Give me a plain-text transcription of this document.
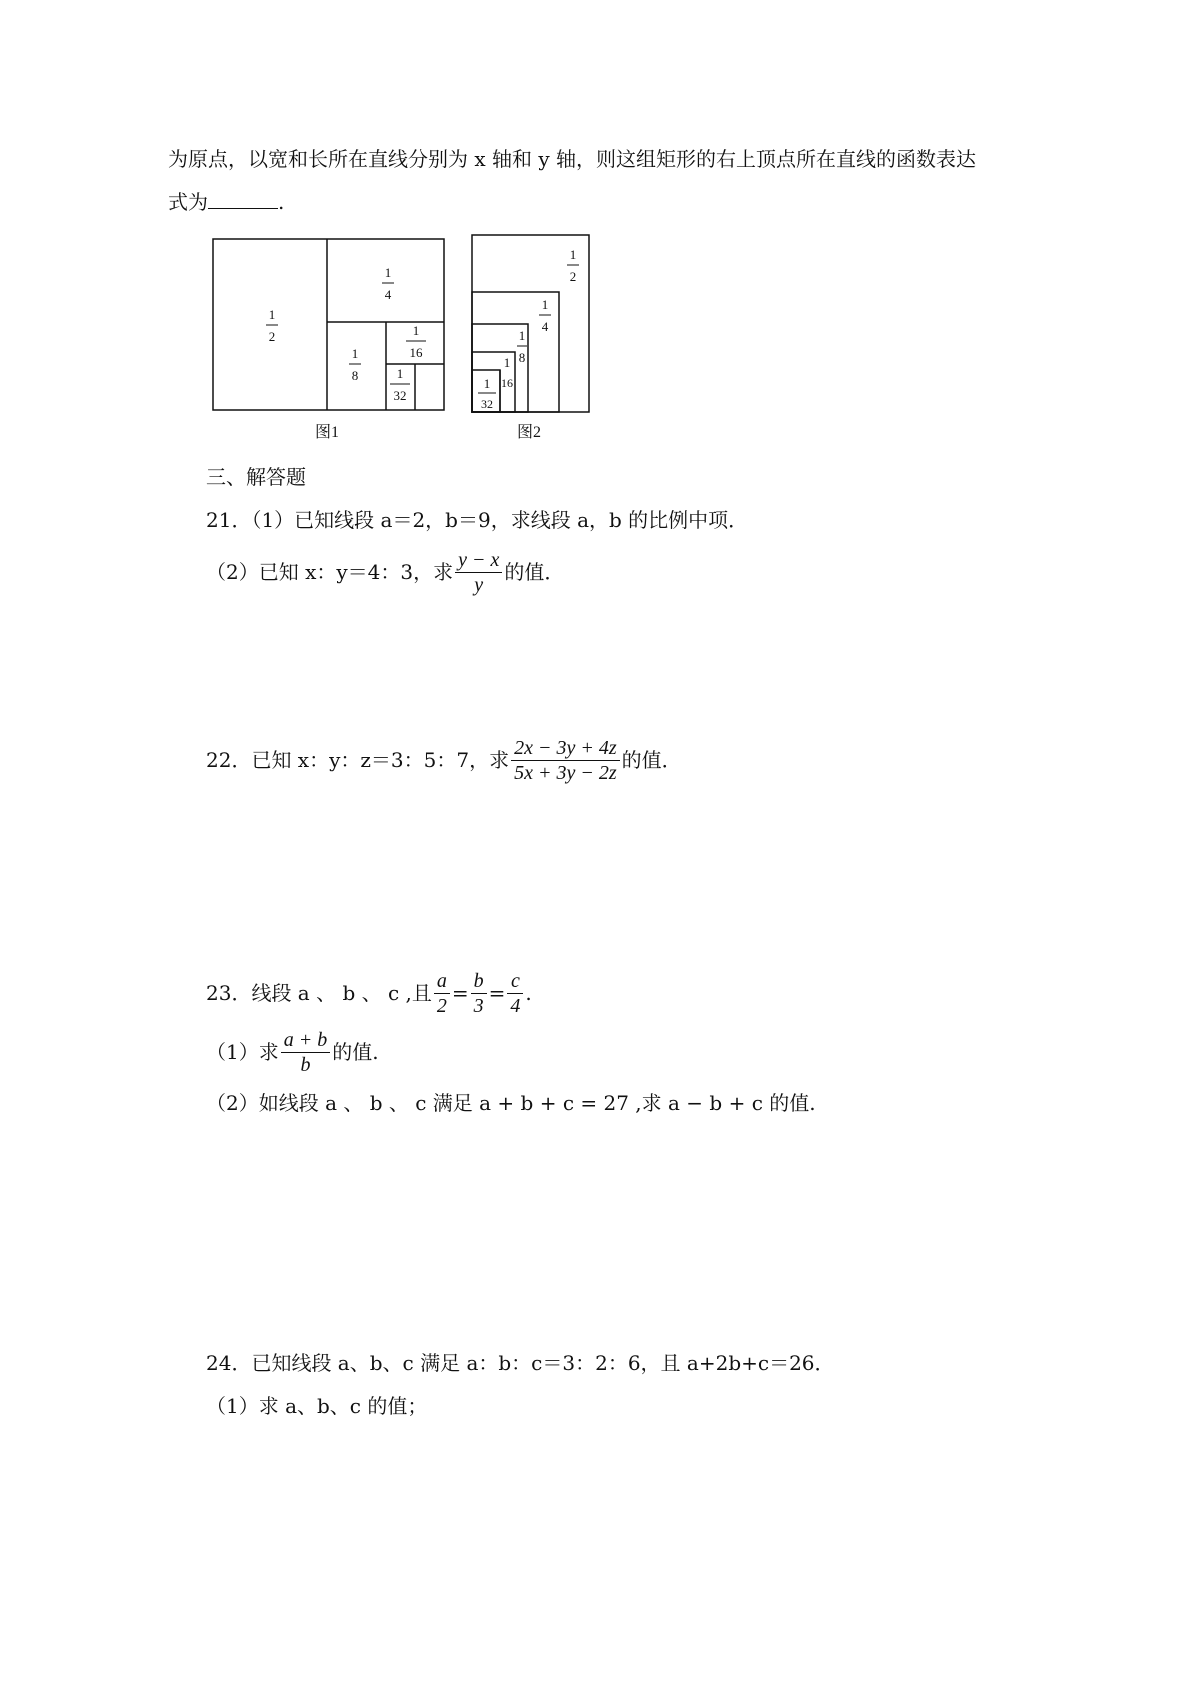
为原点，以宽和长所在直线分别为 x 轴和 y 轴，则这组矩形的右上顶点所在直线的函数表达
式为	.
1
2
1
4
1
8
1
16
1
32
图1
1
2
1
4
1
8
1
16
1
32
图2
三、解答题
21．（1）已知线段 a＝2，b＝9，求线段 a，b 的比例中项．
（2）已知 x：y＝4：3，求 $\frac{y - x}{y}$ 的值．
22．已知 x：y：z＝3：5：7，求 $\frac{2x - 3y + 4z}{5x + 3y - 2z}$ 的值．
23．线段 a 、 b 、 c ,且 $\frac{a}{2} = \frac{b}{3} = \frac{c}{4}$ .
（1）求 $\frac{a + b}{b}$ 的值.
（2）如线段 a 、 b 、 c 满足 a + b + c = 27 ,求 a − b + c 的值.
24．已知线段 a、b、c 满足 a：b：c＝3：2：6，且 a+2b+c＝26．
（1）求 a、b、c 的值；
